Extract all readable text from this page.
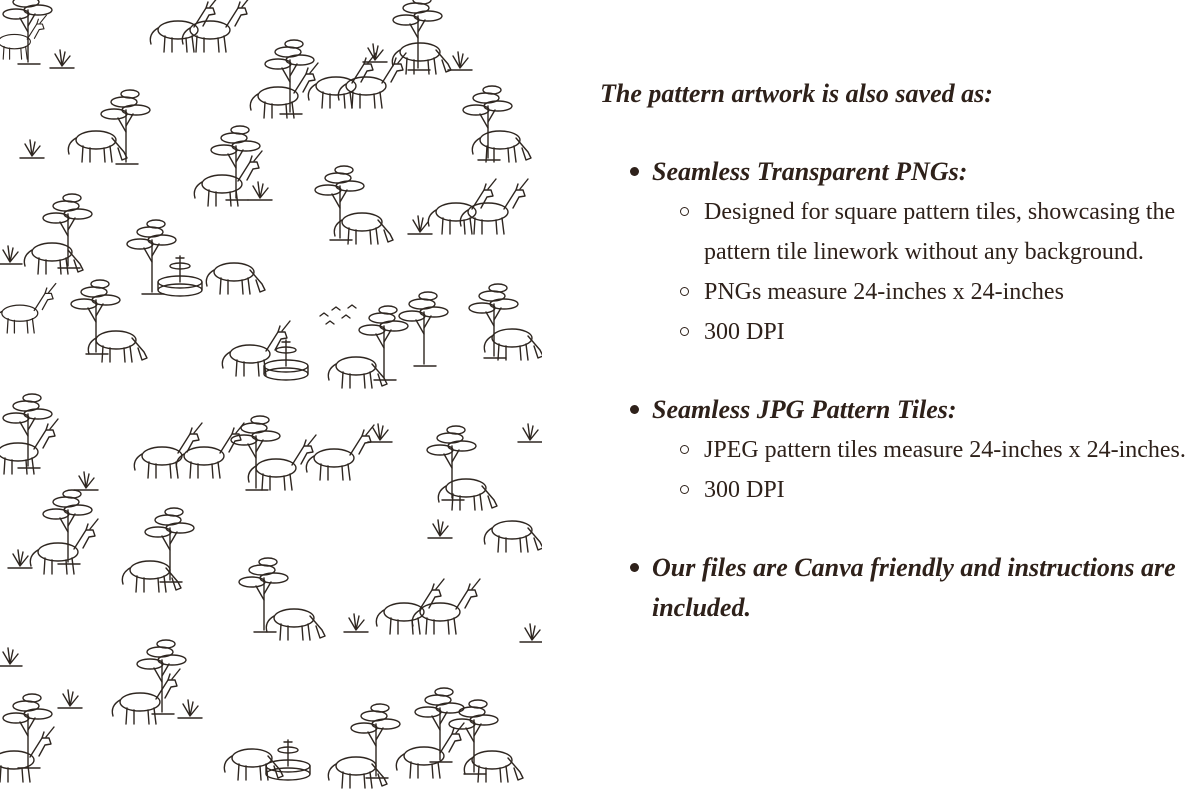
The pattern artwork is also saved as:

Seamless Transparent PNGs:
Designed for square pattern tiles, showcasing the pattern tile linework without any background.
PNGs measure 24-inches x 24-inches
300 DPI
Seamless JPG Pattern Tiles:
JPEG pattern tiles measure 24-inches x 24-inches.
300 DPI
Our files are Canva friendly and instructions are included.
